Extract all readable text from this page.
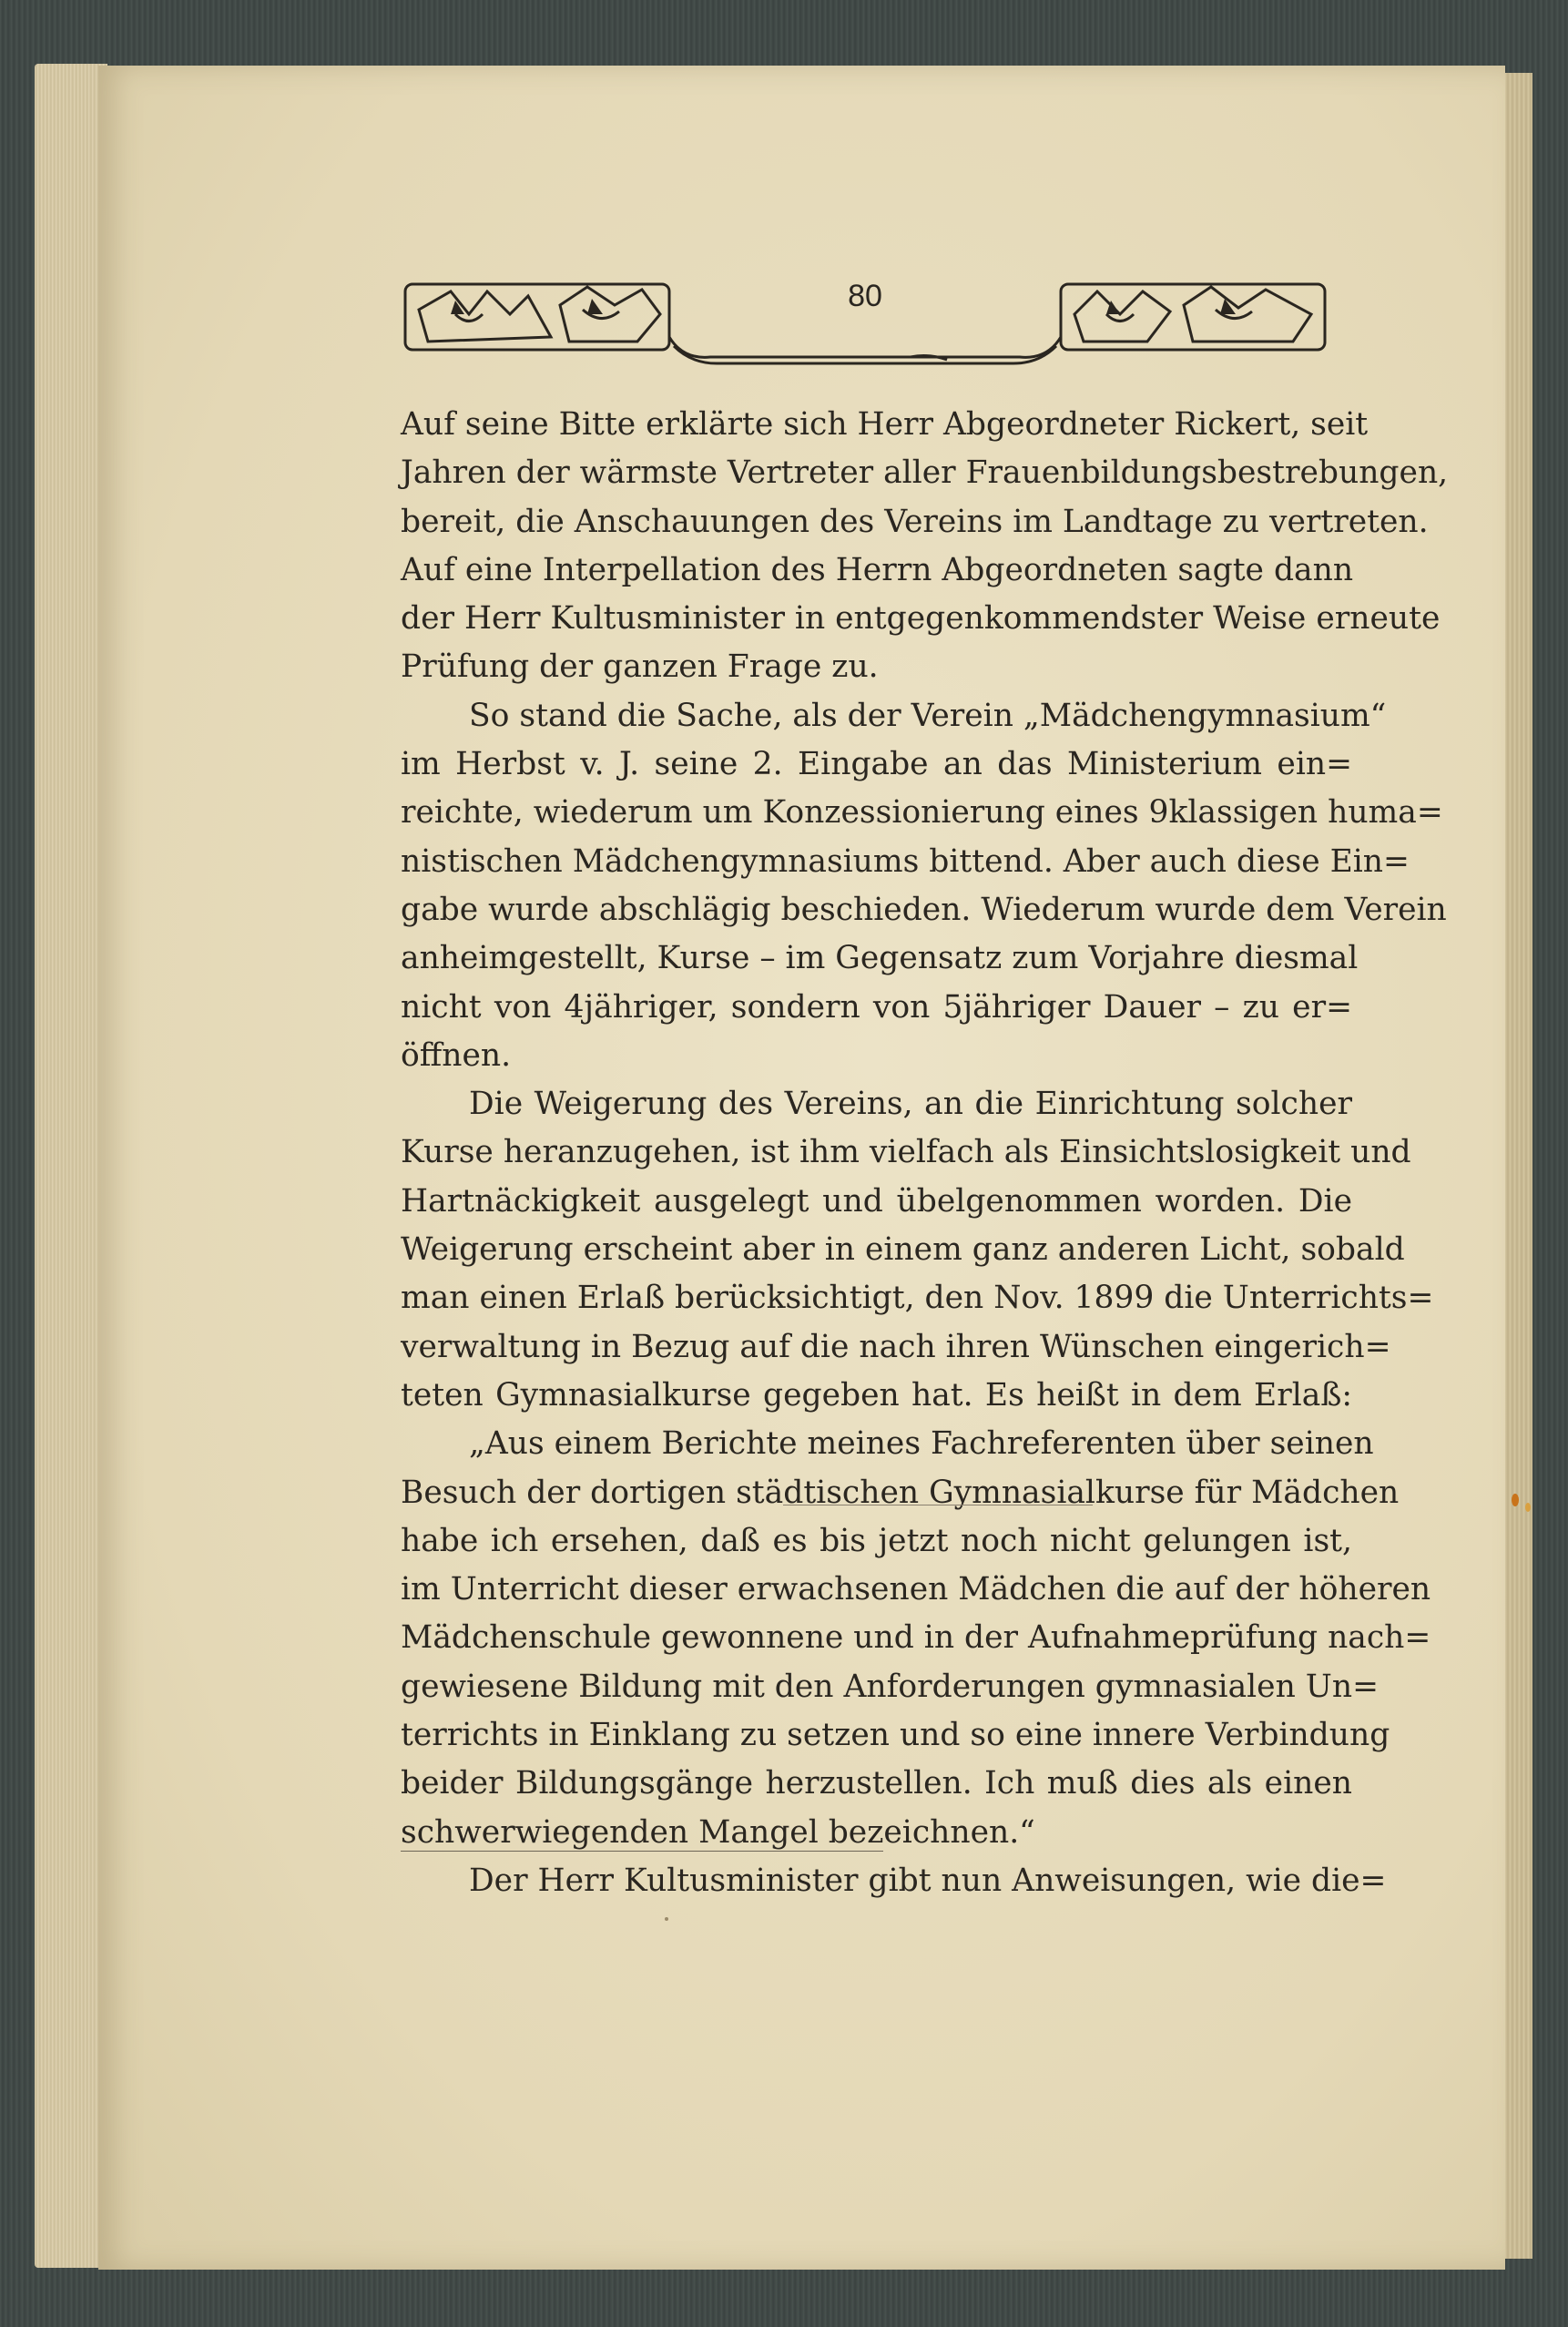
80
Auf seine Bitte erklärte sich Herr Abgeordneter Rickert, seit
Jahren der wärmste Vertreter aller Frauenbildungsbestrebungen,
bereit, die Anschauungen des Vereins im Landtage zu vertreten.
Auf eine Interpellation des Herrn Abgeordneten sagte dann
der Herr Kultusminister in entgegenkommendster Weise erneute
Prüfung der ganzen Frage zu.
So stand die Sache, als der Verein „Mädchengymnasium“
im Herbst v. J. seine 2. Eingabe an das Ministerium ein=
reichte, wiederum um Konzessionierung eines 9klassigen huma=
nistischen Mädchengymnasiums bittend. Aber auch diese Ein=
gabe wurde abschlägig beschieden. Wiederum wurde dem Verein
anheimgestellt, Kurse – im Gegensatz zum Vorjahre diesmal
nicht von 4jähriger, sondern von 5jähriger Dauer – zu er=
öffnen.
Die Weigerung des Vereins, an die Einrichtung solcher
Kurse heranzugehen, ist ihm vielfach als Einsichtslosigkeit und
Hartnäckigkeit ausgelegt und übelgenommen worden. Die
Weigerung erscheint aber in einem ganz anderen Licht, sobald
man einen Erlaß berücksichtigt, den Nov. 1899 die Unterrichts=
verwaltung in Bezug auf die nach ihren Wünschen eingerich=
teten Gymnasialkurse gegeben hat. Es heißt in dem Erlaß:
„Aus einem Berichte meines Fachreferenten über seinen
Besuch der dortigen städtischen Gymnasialkurse für Mädchen
habe ich ersehen, daß es bis jetzt noch nicht gelungen ist,
im Unterricht dieser erwachsenen Mädchen die auf der höheren
Mädchenschule gewonnene und in der Aufnahmeprüfung nach=
gewiesene Bildung mit den Anforderungen gymnasialen Un=
terrichts in Einklang zu setzen und so eine innere Verbindung
beider Bildungsgänge herzustellen. Ich muß dies als einen
schwerwiegenden Mangel bezeichnen.“
Der Herr Kultusminister gibt nun Anweisungen, wie die=
